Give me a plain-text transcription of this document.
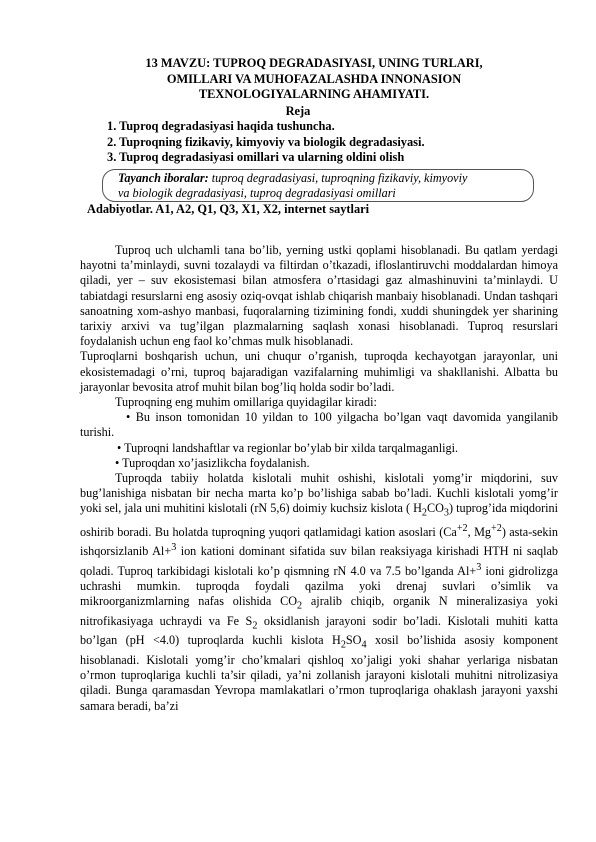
13 MAVZU: TUPROQ DEGRADASIYASI, UNING TURLARI,
OMILLARI VA MUHOFAZALASHDA INNONASION
TEXNOLOGIYALARNING AHAMIYATI.
Reja
1. Tuproq degradasiyasi haqida tushuncha.
2. Tuproqning fizikaviy, kimyoviy va biologik degradasiyasi.
3. Tuproq degradasiyasi omillari va ularning oldini olish
Tayanch iboralar: tuproq degradasiyasi, tuproqning fizikaviy, kimyoviy
va biologik degradasiyasi, tuproq degradasiyasi omillari
Adabiyotlar. A1, A2, Q1, Q3, X1, X2, internet saytlari

Tuproq uch ulchamli tana bo’lib, yerning ustki qoplami hisoblanadi. Bu qatlam yerdagi hayotni ta’minlaydi, suvni tozalaydi va filtirdan o’tkazadi, ifloslantiruvchi moddalardan himoya qiladi, yer – suv ekosistemasi bilan atmosfera o’rtasidagi gaz almashinuvini ta’minlaydi. U tabiatdagi resurslarni eng asosiy oziq-ovqat ishlab chiqarish manbaiy hisoblanadi. Undan tashqari sanoatning xom-ashyo manbasi, fuqoralarning tizimining fondi, xuddi shuningdek yer sharining tarixiy arxivi va tug’ilgan plazmalarning saqlash xonasi hisoblanadi. Tuproq resurslari foydalanish uchun eng faol ko’chmas mulk hisoblanadi.

Tuproqlarni boshqarish uchun, uni chuqur o’rganish, tuproqda kechayotgan jarayonlar, uni ekosistemadagi o’rni, tuproq bajaradigan vazifalarning muhimligi va shakllanishi. Albatta bu jarayonlar bevosita atrof muhit bilan bog’liq holda sodir bo’ladi.

Tuproqning eng muhim omillariga quyidagilar kiradi:

• Bu inson tomonidan 10 yildan to 100 yilgacha bo’lgan vaqt davomida yangilanib turishi.

• Tuproqni landshaftlar va regionlar bo’ylab bir xilda tarqalmaganligi.

• Tuproqdan xo’jasizlikcha foydalanish.

Tuproqda tabiiy holatda kislotali muhit oshishi, kislotali yomg’ir miqdorini, suv bug’lanishiga nisbatan bir necha marta ko’p bo’lishiga sabab bo’ladi. Kuchli kislotali yomg’ir yoki sel, jala uni muhitini kislotali (rN 5,6) doimiy kuchsiz kislota ( $H_2CO_3$) tuprog’ida miqdorini oshirib boradi. Bu holatda tuproqning yuqori qatlamidagi kation asoslari ($Ca^{+2}$, $Mg^{+2}$) asta-sekin ishqorsizlanib Al+$^3$ ion kationi dominant sifatida suv bilan reaksiyaga kirishadi HTH ni saqlab qoladi. Tuproq tarkibidagi kislotali ko’p qismning rN 4.0 va 7.5 bo’lganda Al+$^3$ ioni gidrolizga uchrashi mumkin. tuproqda foydali qazilma yoki drenaj suvlari o’simlik va mikroorganizmlarning nafas olishida $CO_2$ ajralib chiqib, organik N mineralizasiya yoki nitrofikasiyaga uchraydi va Fe $S_2$ oksidlanish jarayoni sodir bo’ladi. Kislotali muhiti katta bo’lgan (pH <4.0) tuproqlarda kuchli kislota $H_2SO_4$ xosil bo’lishida asosiy komponent hisoblanadi. Kislotali yomg’ir cho’kmalari qishloq xo’jaligi yoki shahar yerlariga nisbatan o’rmon tuproqlariga kuchli ta’sir qiladi, ya’ni zollanish jarayoni kislotali muhitni nitrolizasiya qiladi. Bunga qaramasdan Yevropa mamlakatlari o’rmon tuproqlariga ohaklash jarayoni yaxshi samara beradi, ba’zi
